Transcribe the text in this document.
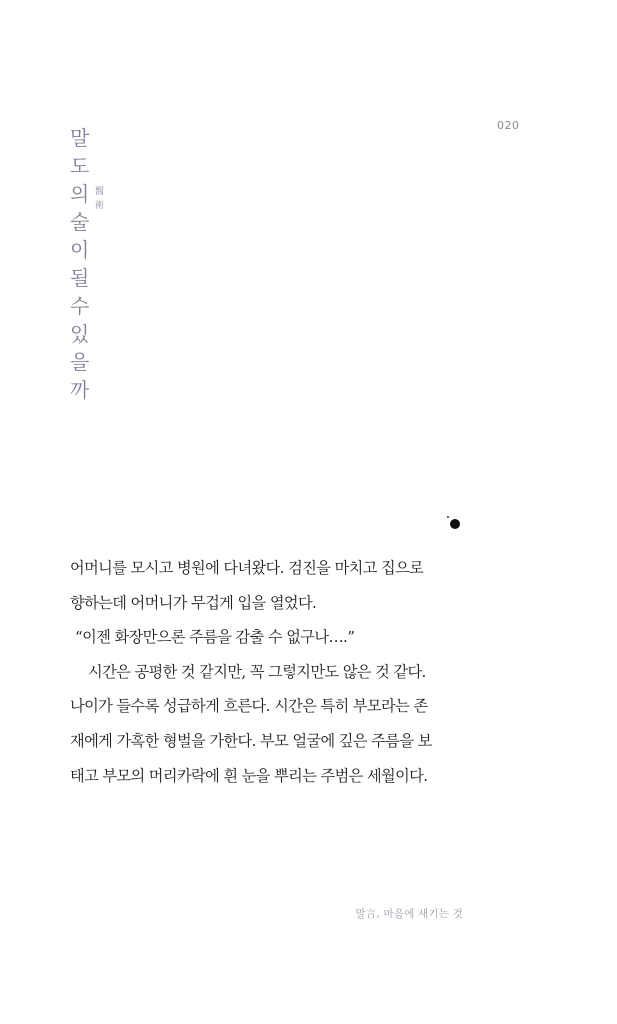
020
말
도
의 醫
술
術
이
될
수
있
을
까
어머니를 모시고 병원에 다녀왔다. 검진을 마치고 집으로
향하는데 어머니가 무겁게 입을 열었다.
“이젠 화장만으론 주름을 감출 수 없구나….”
시간은 공평한 것 같지만, 꼭 그렇지만도 않은 것 같다.
나이가 들수록 성급하게 흐른다. 시간은 특히 부모라는 존
재에게 가혹한 형벌을 가한다. 부모 얼굴에 깊은 주름을 보
태고 부모의 머리카락에 흰 눈을 뿌리는 주범은 세월이다.
말言, 마음에 새기는 것
